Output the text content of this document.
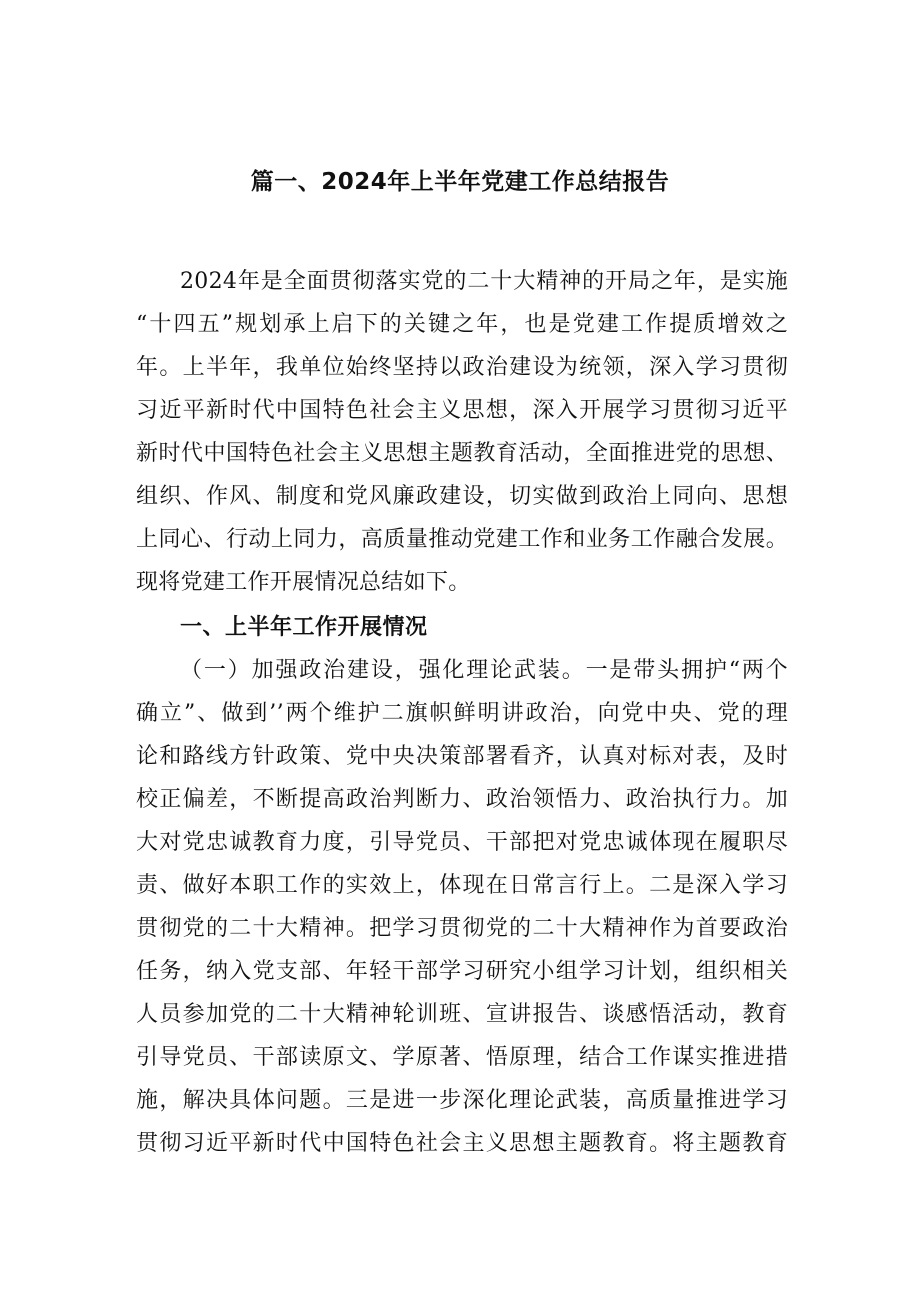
篇一、2024年上半年党建工作总结报告
2024年是全面贯彻落实党的二十大精神的开局之年，是实施
“十四五”规划承上启下的关键之年，也是党建工作提质增效之
年。上半年，我单位始终坚持以政治建设为统领，深入学习贯彻
习近平新时代中国特色社会主义思想，深入开展学习贯彻习近平
新时代中国特色社会主义思想主题教育活动，全面推进党的思想、
组织、作风、制度和党风廉政建设，切实做到政治上同向、思想
上同心、行动上同力，高质量推动党建工作和业务工作融合发展。
现将党建工作开展情况总结如下。
一、上半年工作开展情况
（一）加强政治建设，强化理论武装。一是带头拥护“两个
确立”、做到’’两个维护二旗帜鲜明讲政治，向党中央、党的理
论和路线方针政策、党中央决策部署看齐，认真对标对表，及时
校正偏差，不断提高政治判断力、政治领悟力、政治执行力。加
大对党忠诚教育力度，引导党员、干部把对党忠诚体现在履职尽
责、做好本职工作的实效上，体现在日常言行上。二是深入学习
贯彻党的二十大精神。把学习贯彻党的二十大精神作为首要政治
任务，纳入党支部、年轻干部学习研究小组学习计划，组织相关
人员参加党的二十大精神轮训班、宣讲报告、谈感悟活动，教育
引导党员、干部读原文、学原著、悟原理，结合工作谋实推进措
施，解决具体问题。三是进一步深化理论武装，高质量推进学习
贯彻习近平新时代中国特色社会主义思想主题教育。将主题教育
